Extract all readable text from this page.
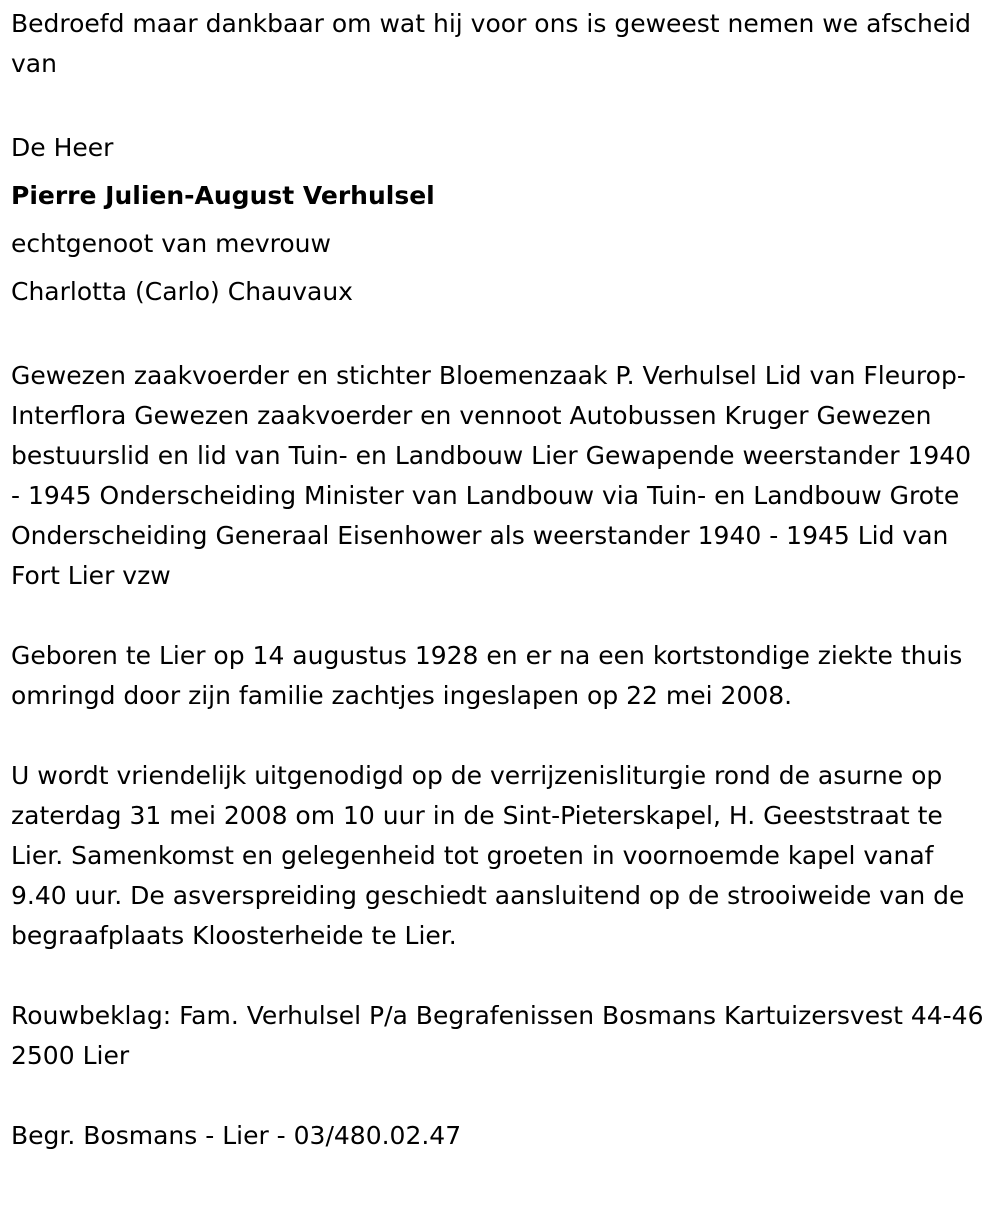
Bedroefd maar dankbaar om wat hij voor ons is geweest nemen we afscheid van

De Heer

Pierre Julien-August Verhulsel

echtgenoot van mevrouw

Charlotta (Carlo) Chauvaux

Gewezen zaakvoerder en stichter Bloemenzaak P. Verhulsel Lid van Fleurop-Interflora Gewezen zaakvoerder en vennoot Autobussen Kruger Gewezen bestuurslid en lid van Tuin- en Landbouw Lier Gewapende weerstander 1940 - 1945 Onderscheiding Minister van Landbouw via Tuin- en Landbouw Grote Onderscheiding Generaal Eisenhower als weerstander 1940 - 1945 Lid van Fort Lier vzw

Geboren te Lier op 14 augustus 1928 en er na een kortstondige ziekte thuis omringd door zijn familie zachtjes ingeslapen op 22 mei 2008.

U wordt vriendelijk uitgenodigd op de verrijzenisliturgie rond de asurne op zaterdag 31 mei 2008 om 10 uur in de Sint-Pieterskapel, H. Geeststraat te Lier. Samenkomst en gelegenheid tot groeten in voornoemde kapel vanaf 9.40 uur. De asverspreiding geschiedt aansluitend op de strooiweide van de begraafplaats Kloosterheide te Lier.

Rouwbeklag: Fam. Verhulsel P/a Begrafenissen Bosmans Kartuizersvest 44-46 2500 Lier

Begr. Bosmans - Lier - 03/480.02.47
